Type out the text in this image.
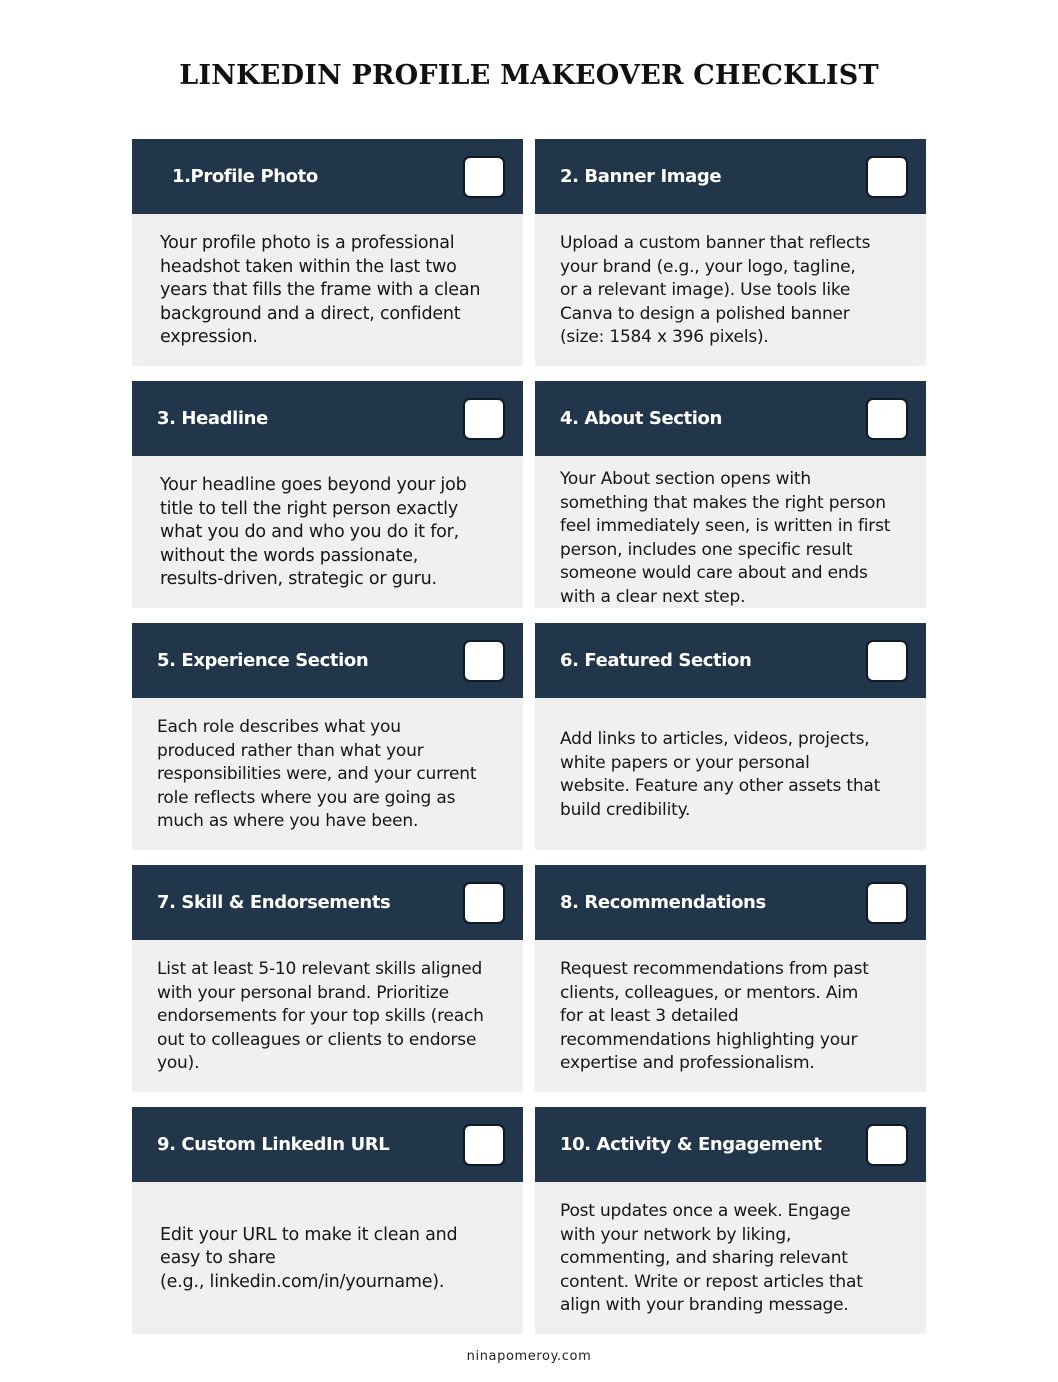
LINKEDIN PROFILE MAKEOVER CHECKLIST
1.Profile Photo

Your profile photo is a professional
headshot taken within the last two
years that fills the frame with a clean
background and a direct, confident
expression.

2. Banner Image

Upload a custom banner that reflects
your brand (e.g., your logo, tagline,
or a relevant image). Use tools like
Canva to design a polished banner
(size: 1584 x 396 pixels).

3. Headline

Your headline goes beyond your job
title to tell the right person exactly
what you do and who you do it for,
without the words passionate,
results-driven, strategic or guru.

4. About Section

Your About section opens with
something that makes the right person
feel immediately seen, is written in first
person, includes one specific result
someone would care about and ends
with a clear next step.

5. Experience Section

Each role describes what you
produced rather than what your
responsibilities were, and your current
role reflects where you are going as
much as where you have been.

6. Featured Section

Add links to articles, videos, projects,
white papers or your personal
website. Feature any other assets that
build credibility.

7. Skill & Endorsements

List at least 5-10 relevant skills aligned
with your personal brand. Prioritize
endorsements for your top skills (reach
out to colleagues or clients to endorse
you).

8. Recommendations

Request recommendations from past
clients, colleagues, or mentors. Aim
for at least 3 detailed
recommendations highlighting your
expertise and professionalism.

9. Custom LinkedIn URL

Edit your URL to make it clean and
easy to share
(e.g., linkedin.com/in/yourname).

10. Activity & Engagement

Post updates once a week. Engage
with your network by liking,
commenting, and sharing relevant
content. Write or repost articles that
align with your branding message.

ninapomeroy.com
